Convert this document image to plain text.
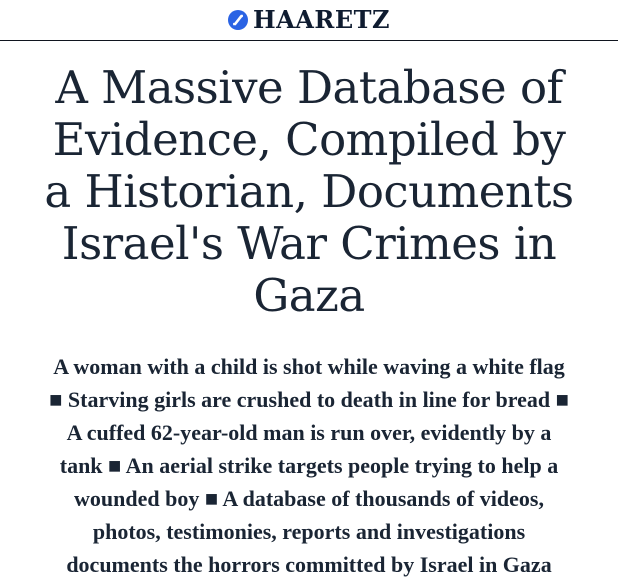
HAARETZ
A Massive Database of
Evidence, Compiled by
a Historian, Documents
Israel's War Crimes in
Gaza

A woman with a child is shot while waving a white flag
■ Starving girls are crushed to death in line for bread ■
A cuffed 62-year-old man is run over, evidently by a
tank ■ An aerial strike targets people trying to help a
wounded boy ■ A database of thousands of videos,
photos, testimonies, reports and investigations
documents the horrors committed by Israel in Gaza
